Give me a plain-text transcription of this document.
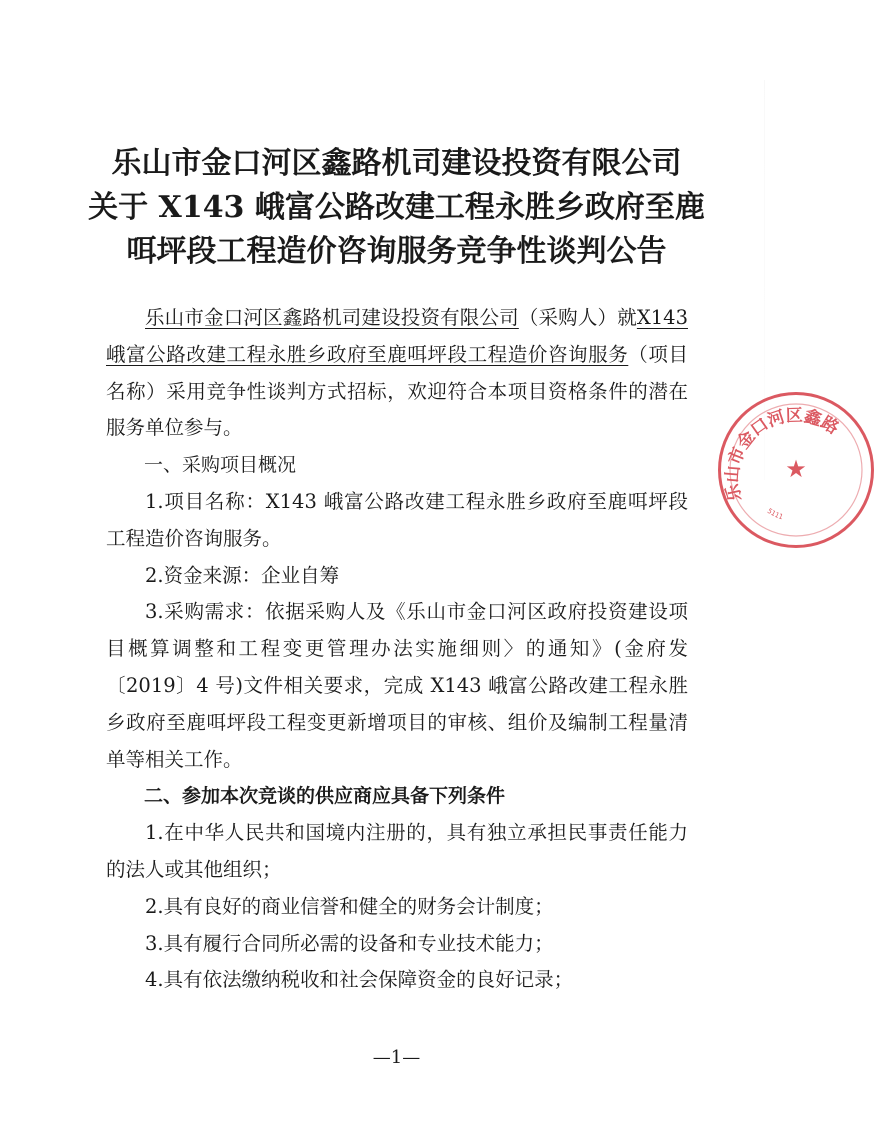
乐山市金口河区鑫路机司建设投资有限公司
关于 X143 峨富公路改建工程永胜乡政府至鹿
咡坪段工程造价咨询服务竞争性谈判公告

乐山市金口河区鑫路机司建设投资有限公司（采购人）就X143 峨富公路改建工程永胜乡政府至鹿咡坪段工程造价咨询服务（项目名称）采用竞争性谈判方式招标，欢迎符合本项目资格条件的潜在服务单位参与。

一、采购项目概况

1.项目名称：X143 峨富公路改建工程永胜乡政府至鹿咡坪段工程造价咨询服务。

2.资金来源：企业自筹

3.采购需求：依据采购人及《乐山市金口河区政府投资建设项目概算调整和工程变更管理办法实施细则〉的通知》(金府发〔2019〕4 号)文件相关要求，完成 X143 峨富公路改建工程永胜乡政府至鹿咡坪段工程变更新增项目的审核、组价及编制工程量清单等相关工作。

二、参加本次竞谈的供应商应具备下列条件

1.在中华人民共和国境内注册的，具有独立承担民事责任能力的法人或其他组织；

2.具有良好的商业信誉和健全的财务会计制度；

3.具有履行合同所必需的设备和专业技术能力；

4.具有依法缴纳税收和社会保障资金的良好记录；

—1—
乐山市金口河区鑫路
5111
★
